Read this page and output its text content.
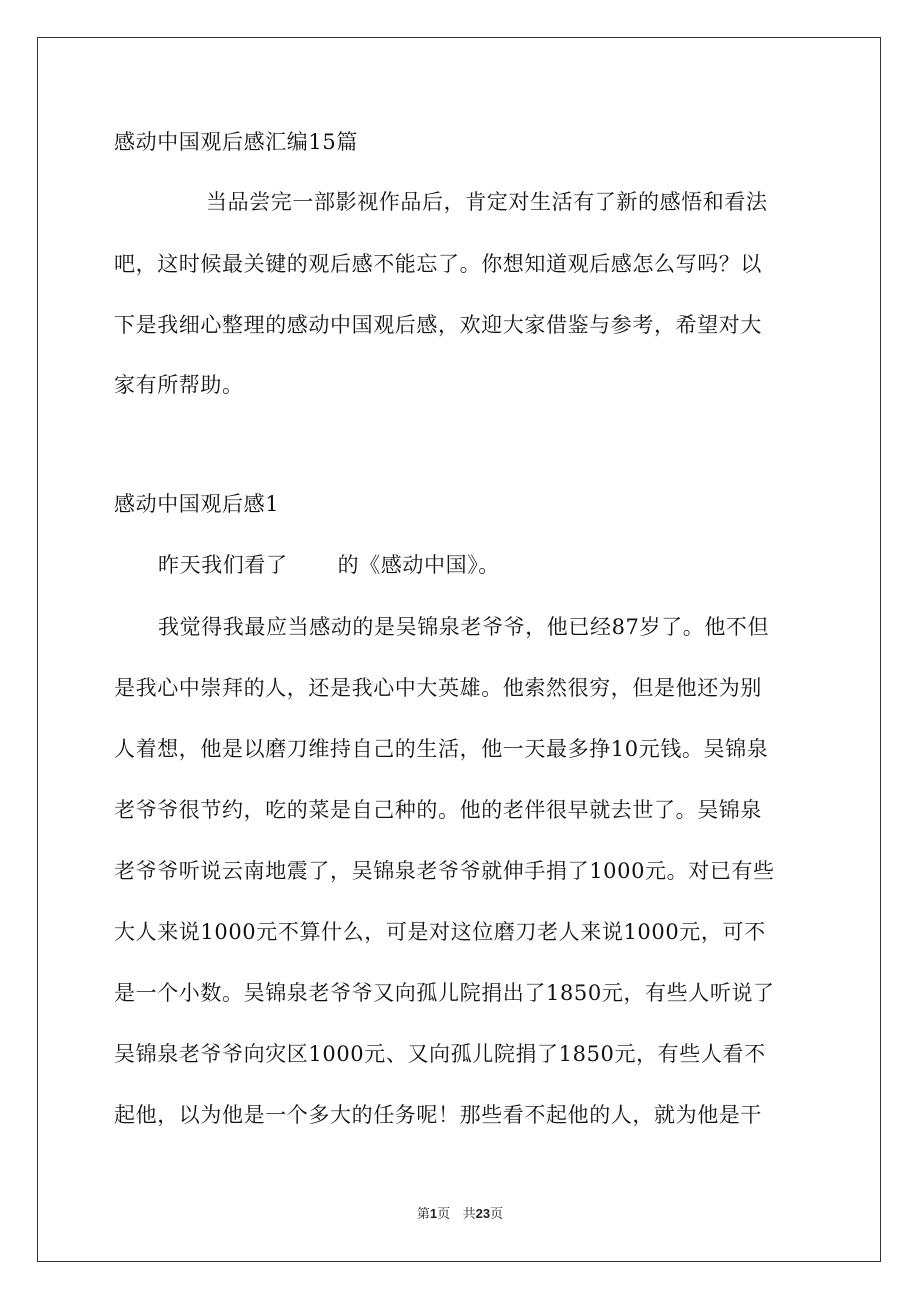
感动中国观后感汇编15篇
当品尝完一部影视作品后，肯定对生活有了新的感悟和看法
吧，这时候最关键的观后感不能忘了。你想知道观后感怎么写吗？以
下是我细心整理的感动中国观后感，欢迎大家借鉴与参考，希望对大
家有所帮助。
感动中国观后感1
昨天我们看了 的《感动中国》。
我觉得我最应当感动的是吴锦泉老爷爷，他已经87岁了。他不但
是我心中崇拜的人，还是我心中大英雄。他索然很穷，但是他还为别
人着想，他是以磨刀维持自己的生活，他一天最多挣10元钱。吴锦泉
老爷爷很节约，吃的菜是自己种的。他的老伴很早就去世了。吴锦泉
老爷爷听说云南地震了，吴锦泉老爷爷就伸手捐了1000元。对已有些
大人来说1000元不算什么，可是对这位磨刀老人来说1000元，可不
是一个小数。吴锦泉老爷爷又向孤儿院捐出了1850元，有些人听说了
吴锦泉老爷爷向灾区1000元、又向孤儿院捐了1850元，有些人看不
起他，以为他是一个多大的任务呢！那些看不起他的人，就为他是干
第1页 共23页
